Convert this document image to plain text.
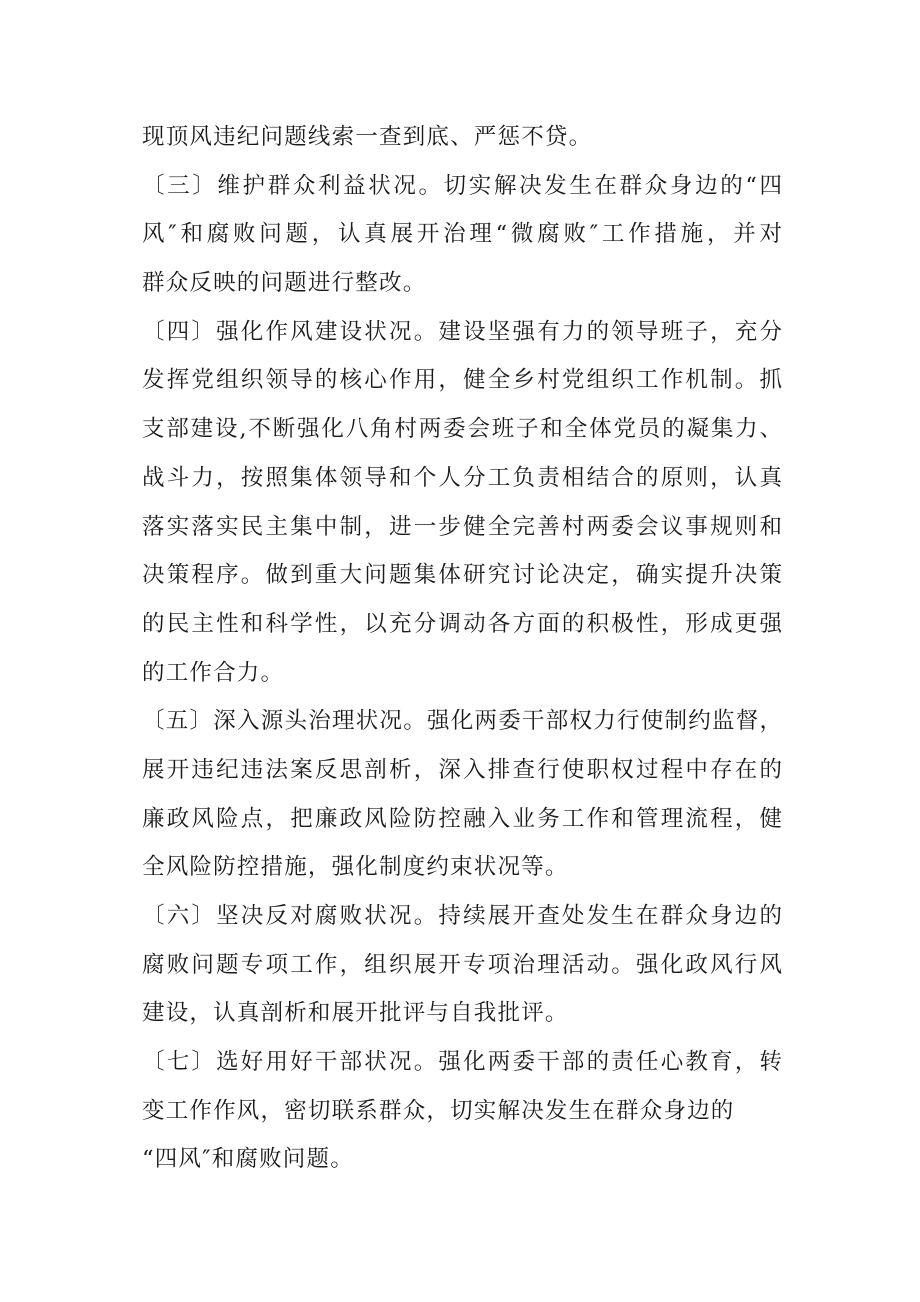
现顶风违纪问题线索一查到底、严惩不贷。
〔三〕维护群众利益状况。切实解决发生在群众身边的“四
风″和腐败问题，认真展开治理“微腐败″工作措施，并对
群众反映的问题进行整改。
〔四〕强化作风建设状况。建设坚强有力的领导班子，充分
发挥党组织领导的核心作用，健全乡村党组织工作机制。抓
支部建设,不断强化八角村两委会班子和全体党员的凝集力、
战斗力，按照集体领导和个人分工负责相结合的原则，认真
落实落实民主集中制，进一步健全完善村两委会议事规则和
决策程序。做到重大问题集体研究讨论决定，确实提升决策
的民主性和科学性，以充分调动各方面的积极性，形成更强
的工作合力。
〔五〕深入源头治理状况。强化两委干部权力行使制约监督，
展开违纪违法案反思剖析，深入排查行使职权过程中存在的
廉政风险点，把廉政风险防控融入业务工作和管理流程，健
全风险防控措施，强化制度约束状况等。
〔六〕坚决反对腐败状况。持续展开查处发生在群众身边的
腐败问题专项工作，组织展开专项治理活动。强化政风行风
建设，认真剖析和展开批评与自我批评。
〔七〕选好用好干部状况。强化两委干部的责任心教育，转
变工作作风，密切联系群众，切实解决发生在群众身边的
“四风″和腐败问题。
